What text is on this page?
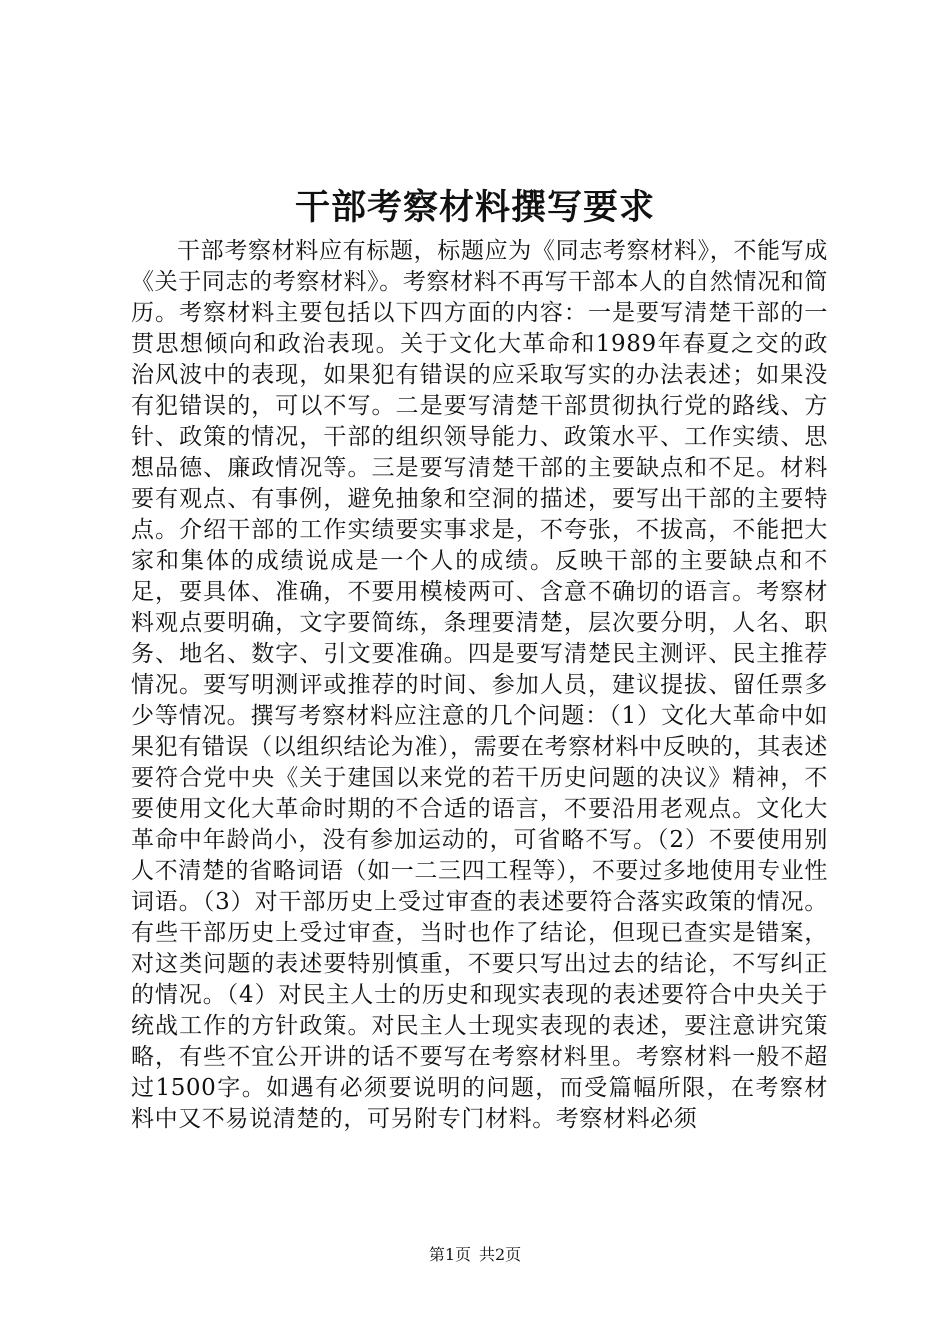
干部考察材料撰写要求

干部考察材料应有标题，标题应为《同志考察材料》，不能写成《关于同志的考察材料》。考察材料不再写干部本人的自然情况和简历。考察材料主要包括以下四方面的内容：一是要写清楚干部的一贯思想倾向和政治表现。关于文化大革命和1989年春夏之交的政治风波中的表现，如果犯有错误的应采取写实的办法表述；如果没有犯错误的，可以不写。二是要写清楚干部贯彻执行党的路线、方针、政策的情况，干部的组织领导能力、政策水平、工作实绩、思想品德、廉政情况等。三是要写清楚干部的主要缺点和不足。材料要有观点、有事例，避免抽象和空洞的描述，要写出干部的主要特点。介绍干部的工作实绩要实事求是，不夸张，不拔高，不能把大家和集体的成绩说成是一个人的成绩。反映干部的主要缺点和不足，要具体、准确，不要用模棱两可、含意不确切的语言。考察材料观点要明确，文字要简练，条理要清楚，层次要分明，人名、职务、地名、数字、引文要准确。四是要写清楚民主测评、民主推荐情况。要写明测评或推荐的时间、参加人员，建议提拔、留任票多少等情况。撰写考察材料应注意的几个问题：（1）文化大革命中如果犯有错误（以组织结论为准），需要在考察材料中反映的，其表述要符合党中央《关于建国以来党的若干历史问题的决议》精神，不要使用文化大革命时期的不合适的语言，不要沿用老观点。文化大革命中年龄尚小，没有参加运动的，可省略不写。（2）不要使用别人不清楚的省略词语（如一二三四工程等），不要过多地使用专业性词语。（3）对干部历史上受过审查的表述要符合落实政策的情况。有些干部历史上受过审查，当时也作了结论，但现已查实是错案，对这类问题的表述要特别慎重，不要只写出过去的结论，不写纠正的情况。（4）对民主人士的历史和现实表现的表述要符合中央关于统战工作的方针政策。对民主人士现实表现的表述，要注意讲究策略，有些不宜公开讲的话不要写在考察材料里。考察材料一般不超过1500字。如遇有必须要说明的问题，而受篇幅所限，在考察材料中又不易说清楚的，可另附专门材料。考察材料必须

第1页 共2页
